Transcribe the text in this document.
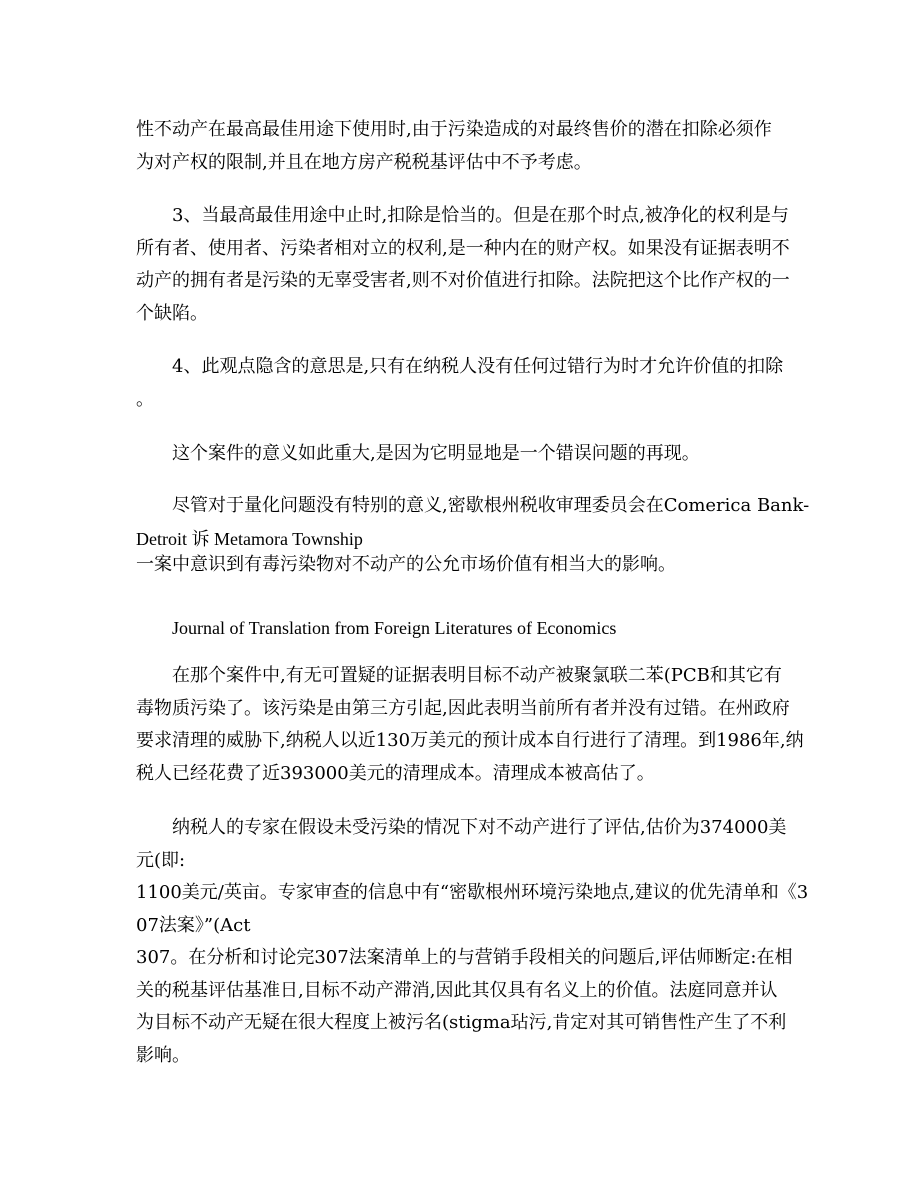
性不动产在最高最佳用途下使用时,由于污染造成的对最终售价的潜在扣除必须作
为对产权的限制,并且在地方房产税税基评估中不予考虑。
3、当最高最佳用途中止时,扣除是恰当的。但是在那个时点,被净化的权利是与
所有者、使用者、污染者相对立的权利,是一种内在的财产权。如果没有证据表明不
动产的拥有者是污染的无辜受害者,则不对价值进行扣除。法院把这个比作产权的一
个缺陷。
4、此观点隐含的意思是,只有在纳税人没有任何过错行为时才允许价值的扣除
。
这个案件的意义如此重大,是因为它明显地是一个错误问题的再现。
尽管对于量化问题没有特别的意义,密歇根州税收审理委员会在Comerica Bank-
Detroit 诉 Metamora Township
一案中意识到有毒污染物对不动产的公允市场价值有相当大的影响。
Journal of Translation from Foreign Literatures of Economics
在那个案件中,有无可置疑的证据表明目标不动产被聚氯联二苯(PCB和其它有
毒物质污染了。该污染是由第三方引起,因此表明当前所有者并没有过错。在州政府
要求清理的威胁下,纳税人以近130万美元的预计成本自行进行了清理。到1986年,纳
税人已经花费了近393000美元的清理成本。清理成本被高估了。
纳税人的专家在假设未受污染的情况下对不动产进行了评估,估价为374000美
元(即:
1100美元/英亩。专家审查的信息中有“密歇根州环境污染地点,建议的优先清单和《3
07法案》”(Act
307。在分析和讨论完307法案清单上的与营销手段相关的问题后,评估师断定:在相
关的税基评估基准日,目标不动产滞消,因此其仅具有名义上的价值。法庭同意并认
为目标不动产无疑在很大程度上被污名(stigma玷污,肯定对其可销售性产生了不利
影响。
